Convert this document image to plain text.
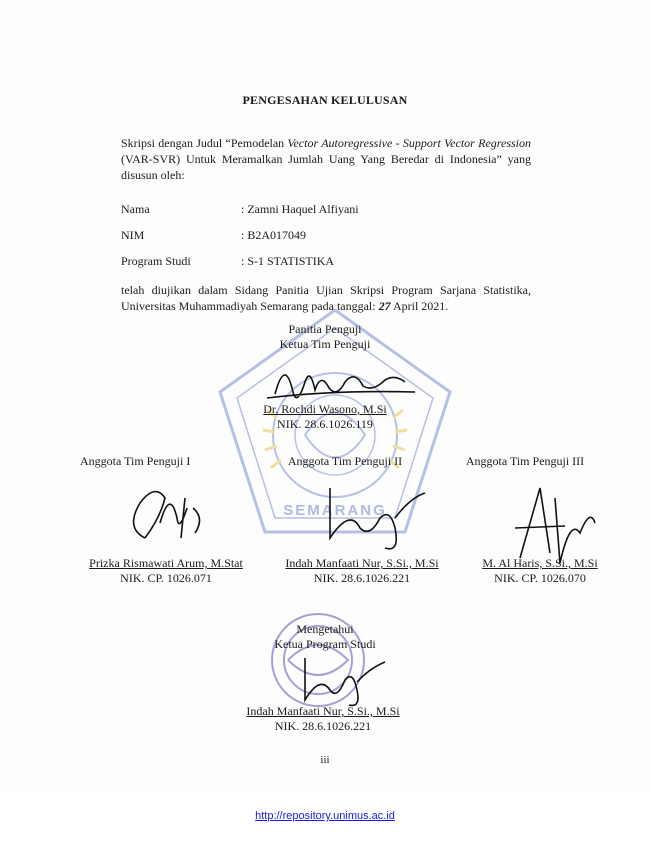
SEMARANG
PENGESAHAN KELULUSAN
Skripsi dengan Judul “Pemodelan Vector Autoregressive - Support Vector Regression
(VAR-SVR) Untuk Meramalkan Jumlah Uang Yang Beredar di Indonesia” yang
disusun oleh:
Nama	: Zamni Haquel Alfiyani
NIM	: B2A017049
Program Studi	: S-1 STATISTIKA
telah diujikan dalam Sidang Panitia Ujian Skripsi Program Sarjana Statistika,
Universitas Muhammadiyah Semarang pada tanggal: 27 April 2021.
Panitia Penguji
Ketua Tim Penguji
Dr. Rochdi Wasono, M.Si
NIK. 28.6.1026.119
Anggota Tim Penguji I	Anggota Tim Penguji II	Anggota Tim Penguji III
Prizka Rismawati Arum, M.Stat
NIK. CP. 1026.071
Indah Manfaati Nur, S.Si., M.Si
NIK. 28.6.1026.221
M. Al Haris, S.Si., M.Si
NIK. CP. 1026.070
Mengetahui
Ketua Program Studi
Indah Manfaati Nur, S.Si., M.Si
NIK. 28.6.1026.221
iii
http://repository.unimus.ac.id
